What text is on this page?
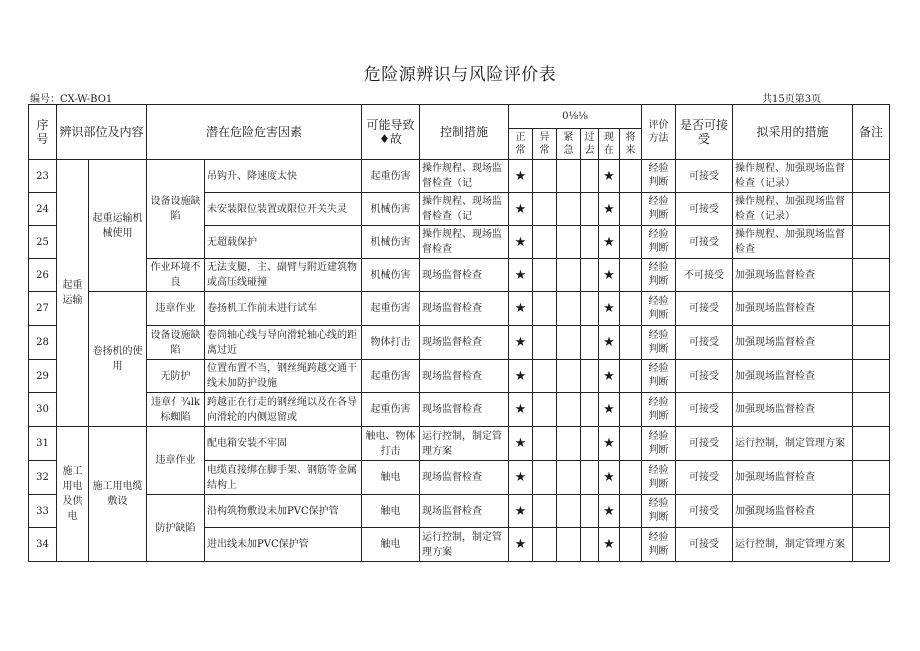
危险源辨识与风险评价表
编号：CX-W-BO1	共15页第3页
序号	辨识部位及内容		潜在危险危害因素		可能导致♦故	控制措施	0⅛⅛						评价方法	是否可接受	拟采用的措施	备注
							正常	异常	紧急	过去	现在	将来				
23	起重运输	起重运输机械使用	设备设施缺陷	吊钩升、降速度太快	起重伤害	操作规程、现场监督检查（记	★				★		经验判断	可接受	操作规程、加强现场监督检查（记录）	
24				未安装限位装置或限位开关失灵	机械伤害	操作规程、现场监督检查（记	★				★		经验判断	可接受	操作规程、加强现场监督检查（记录）	
25				无超载保护	机械伤害	操作规程、现场监督检查	★				★		经验判断	可接受	操作规程、加强现场监督检查	
26			作业环境不良	无法支腿，主、副臂与附近建筑物或高压线碰撞	机械伤害	现场监督检查	★				★		经验判断	不可接受	加强现场监督检查	
27		卷扬机的使用	违章作业	卷扬机工作前未进行试车	起重伤害	现场监督检查	★				★		经验判断	可接受	加强现场监督检查	
28			设备设施缺陷	卷筒轴心线与导向滑轮轴心线的距离过近	物体打击	现场监督检查	★				★		经验判断	可接受	加强现场监督检查	
29			无防护	位置布置不当，钢丝绳跨越交通干线未加防护设施	起重伤害	现场监督检查	★				★		经验判断	可接受	加强现场监督检查	
30			违章亻¾lk标蜘陷	跨越正在行走的钢丝绳以及在各导向滑轮的内侧逗留或	起重伤害	现场监督检查	★				★		经验判断	可接受	加强现场监督检查	
31	施工用电及供电	施工用电缆敷设	违章作业	配电箱安装不牢固	触电、物体打击	运行控制，制定管理方案	★				★		经验判断	可接受	运行控制，制定管理方案	
32				电缆直接绑在脚手架、钢筋等金属结构上	触电	现场监督检查	★				★		经验判断	可接受	加强现场监督检查	
33			防护缺陷	沿构筑物敷设未加PVC保护管	触电	现场监督检查	★				★		经验判断	可接受	加强现场监督检查	
34				进出线未加PVC保护管	触电	运行控制，制定管理方案	★				★		经验判断	可接受	运行控制，制定管理方案	
